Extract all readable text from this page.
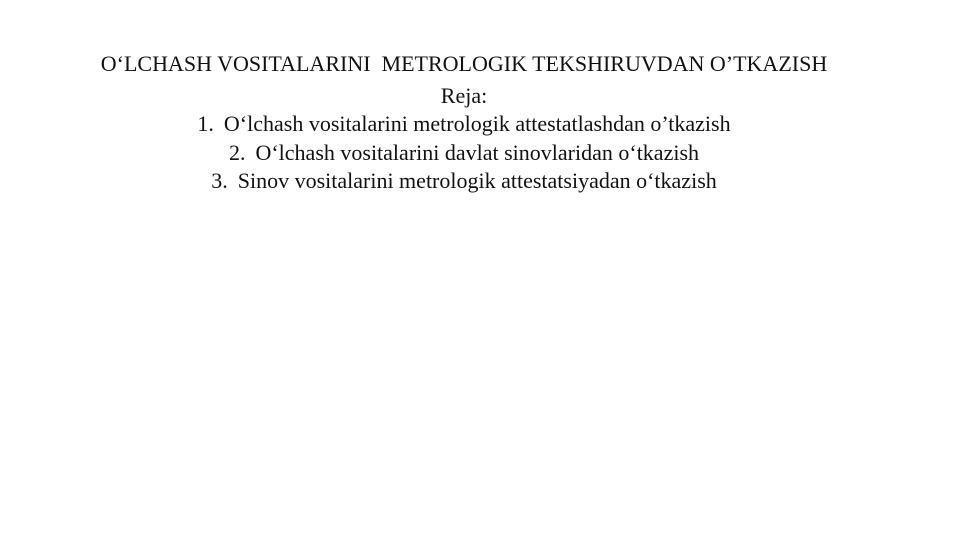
O‘LCHASH VOSITALARINI  METROLOGIK TEKSHIRUVDAN O’TKAZISH
Reja:
1. O‘lchash vositalarini metrologik attestatlashdan o’tkazish
2. O‘lchash vositalarini davlat sinovlaridan o‘tkazish
3. Sinov vositalarini metrologik attestatsiyadan o‘tkazish
